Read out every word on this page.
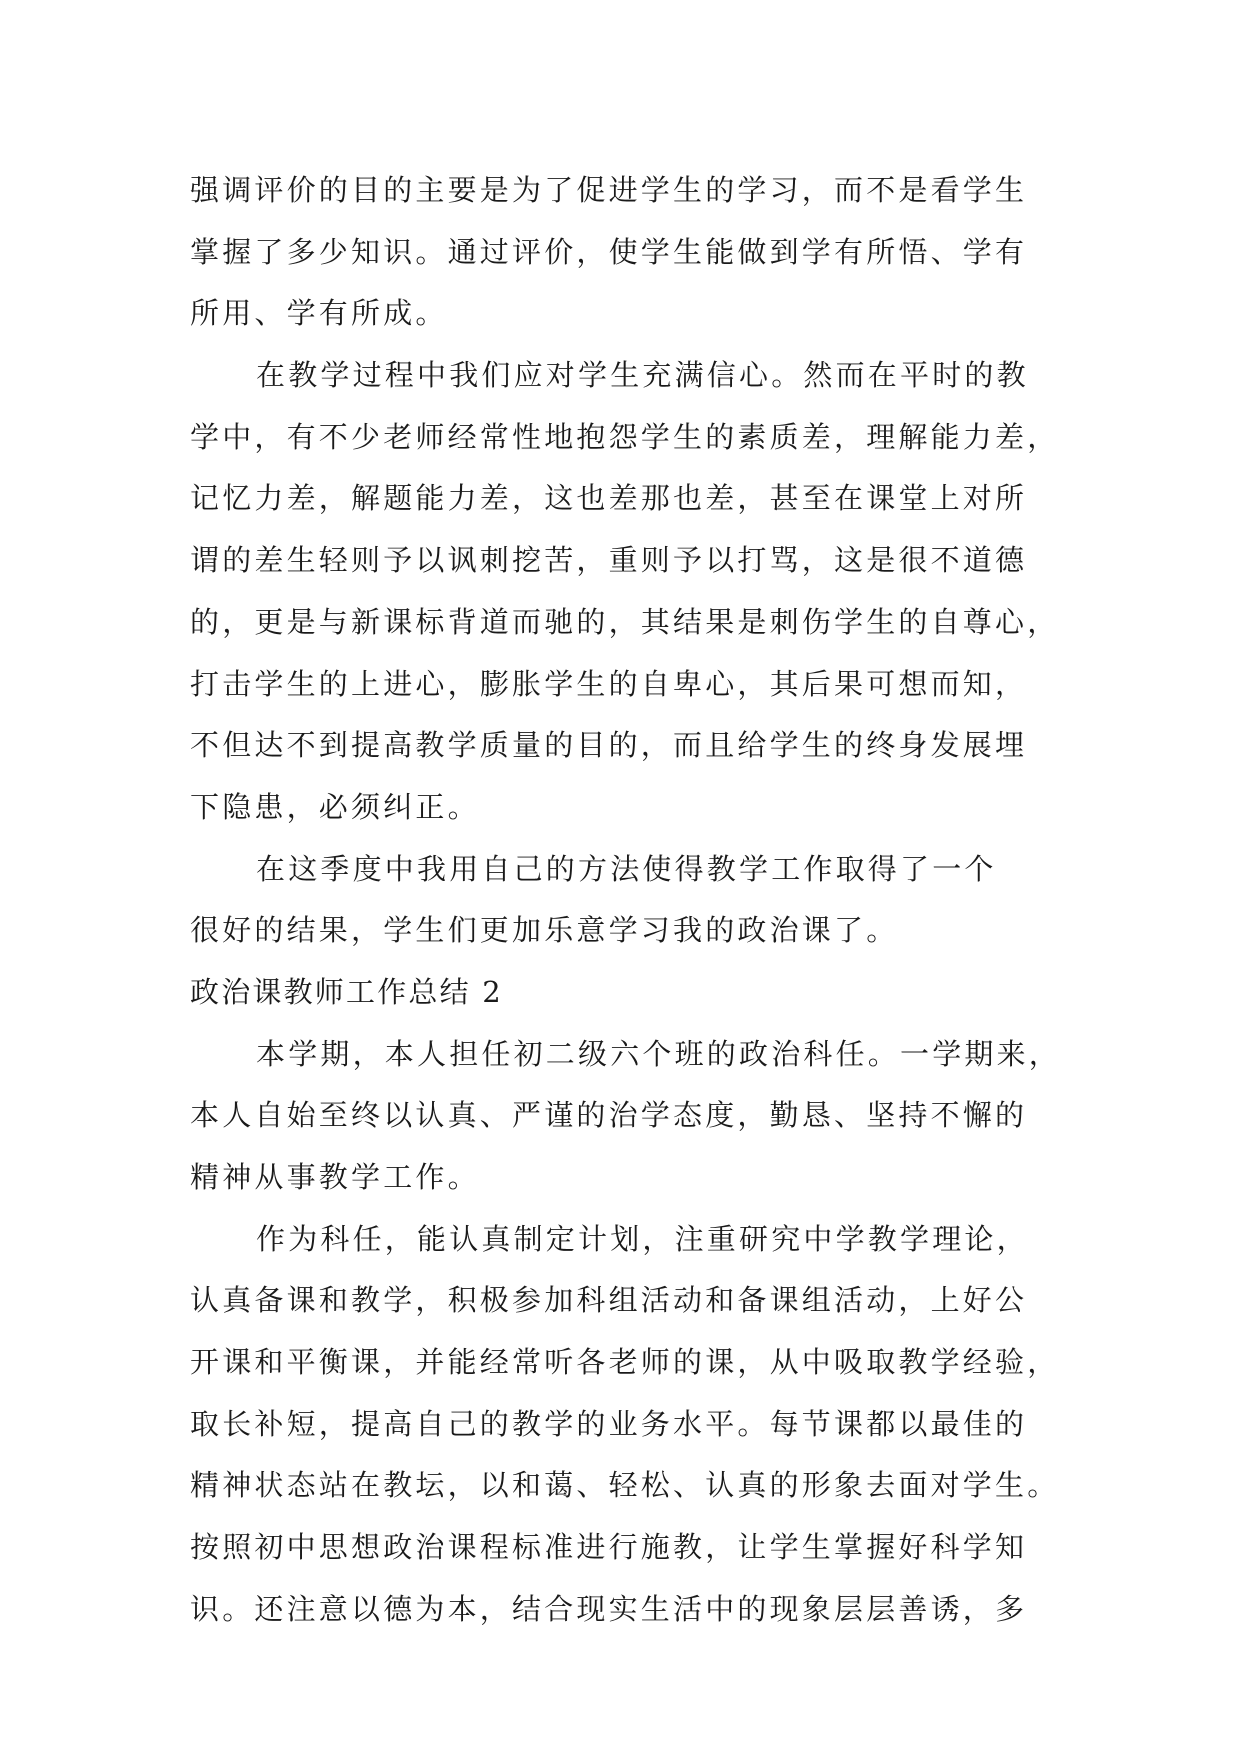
强调评价的目的主要是为了促进学生的学习，而不是看学生
掌握了多少知识。通过评价，使学生能做到学有所悟、学有
所用、学有所成。
在教学过程中我们应对学生充满信心。然而在平时的教
学中，有不少老师经常性地抱怨学生的素质差，理解能力差，
记忆力差，解题能力差，这也差那也差，甚至在课堂上对所
谓的差生轻则予以讽刺挖苦，重则予以打骂，这是很不道德
的，更是与新课标背道而驰的，其结果是刺伤学生的自尊心，
打击学生的上进心，膨胀学生的自卑心，其后果可想而知，
不但达不到提高教学质量的目的，而且给学生的终身发展埋
下隐患，必须纠正。
在这季度中我用自己的方法使得教学工作取得了一个
很好的结果，学生们更加乐意学习我的政治课了。
政治课教师工作总结 2
本学期，本人担任初二级六个班的政治科任。一学期来，
本人自始至终以认真、严谨的治学态度，勤恳、坚持不懈的
精神从事教学工作。
作为科任，能认真制定计划，注重研究中学教学理论，
认真备课和教学，积极参加科组活动和备课组活动，上好公
开课和平衡课，并能经常听各老师的课，从中吸取教学经验，
取长补短，提高自己的教学的业务水平。每节课都以最佳的
精神状态站在教坛，以和蔼、轻松、认真的形象去面对学生。
按照初中思想政治课程标准进行施教，让学生掌握好科学知
识。还注意以德为本，结合现实生活中的现象层层善诱，多
